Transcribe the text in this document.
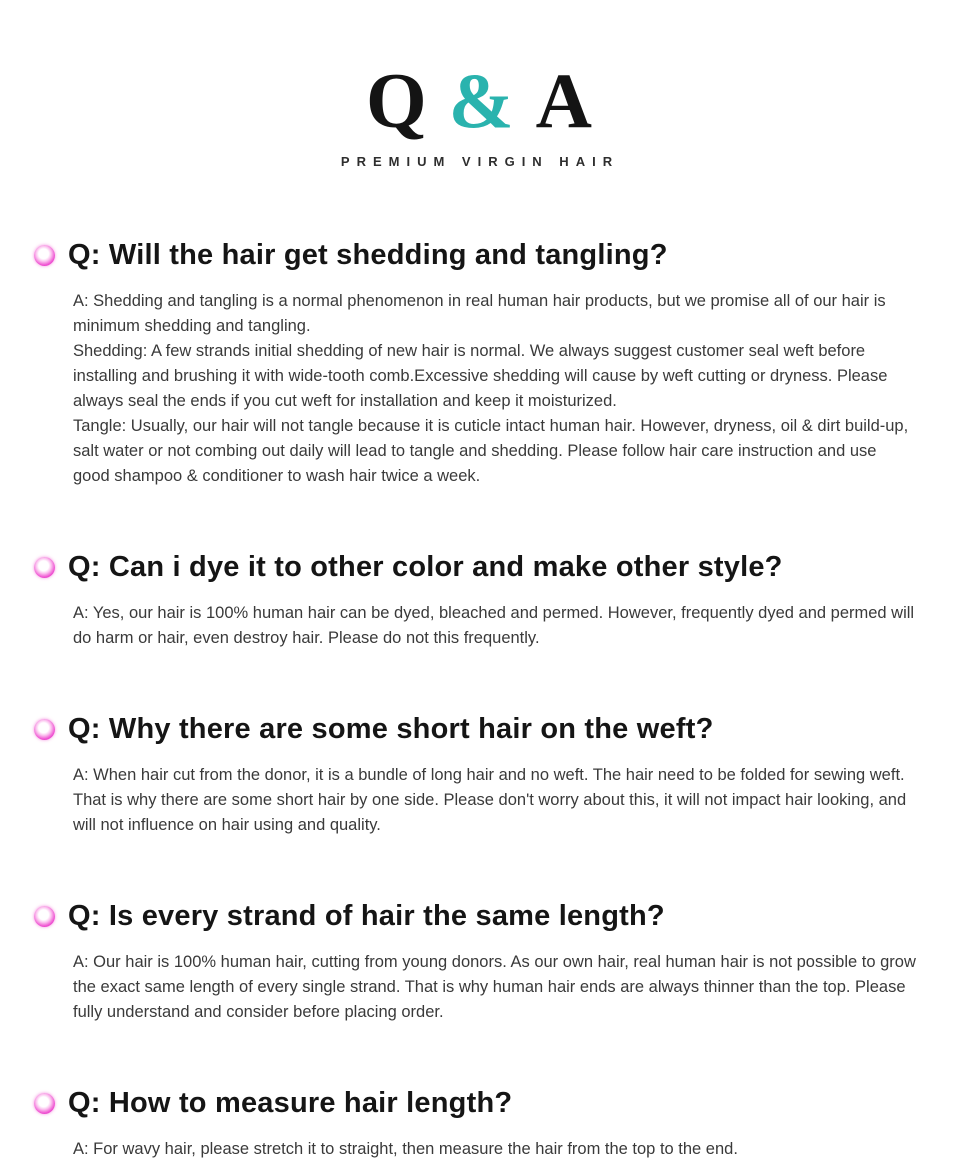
Q & A
PREMIUM VIRGIN HAIR
Q: Will the hair get shedding and tangling?

A: Shedding and tangling is a normal phenomenon in real human hair products, but we promise all of our hair is minimum shedding and tangling.

Shedding: A few strands initial shedding of new hair is normal. We always suggest customer seal weft before installing and brushing it with wide-tooth comb.Excessive shedding will cause by weft cutting or dryness. Please always seal the ends if you cut weft for installation and keep it moisturized.

Tangle: Usually, our hair will not tangle because it is cuticle intact human hair. However, dryness, oil & dirt build-up, salt water or not combing out daily will lead to tangle and shedding. Please follow hair care instruction and use good shampoo & conditioner to wash hair twice a week.

Q: Can i dye it to other color and make other style?

A: Yes, our hair is 100% human hair can be dyed, bleached and permed. However, frequently dyed and permed will do harm or hair, even destroy hair. Please do not this frequently.

Q: Why there are some short hair on the weft?

A: When hair cut from the donor, it is a bundle of long hair and no weft. The hair need to be folded for sewing weft. That is why there are some short hair by one side. Please don't worry about this, it will not impact hair looking, and will not influence on hair using and quality.

Q: Is every strand of hair the same length?

A: Our hair is 100% human hair, cutting from young donors. As our own hair, real human hair is not possible to grow the exact same length of every single strand. That is why human hair ends are always thinner than the top. Please fully understand and consider before placing order.

Q: How to measure hair length?

A: For wavy hair, please stretch it to straight, then measure the hair from the top to the end.
